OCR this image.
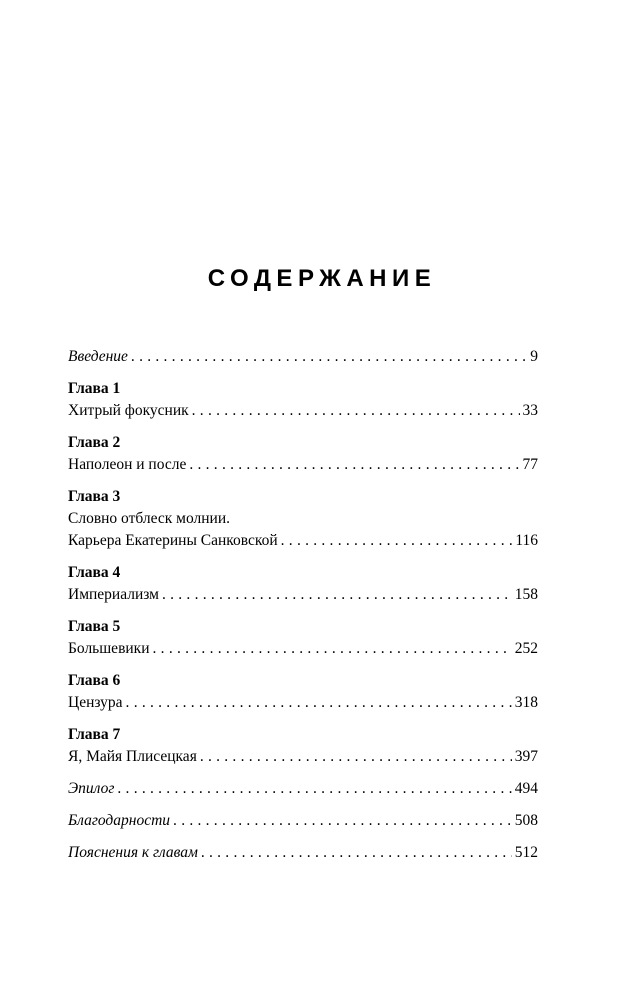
СОДЕРЖАНИЕ
Введение . . .	9
Глава 1
Хитрый фокусник . . .	33
Глава 2
Наполеон и после . . .	77
Глава 3
Словно отблеск молнии.
Карьера Екатерины Санковской . . .	116
Глава 4
Империализм . . .	158
Глава 5
Большевики . . .	252
Глава 6
Цензура . . .	318
Глава 7
Я, Майя Плисецкая . . .	397
Эпилог . . .	494
Благодарности . . .	508
Пояснения к главам . . .	512
